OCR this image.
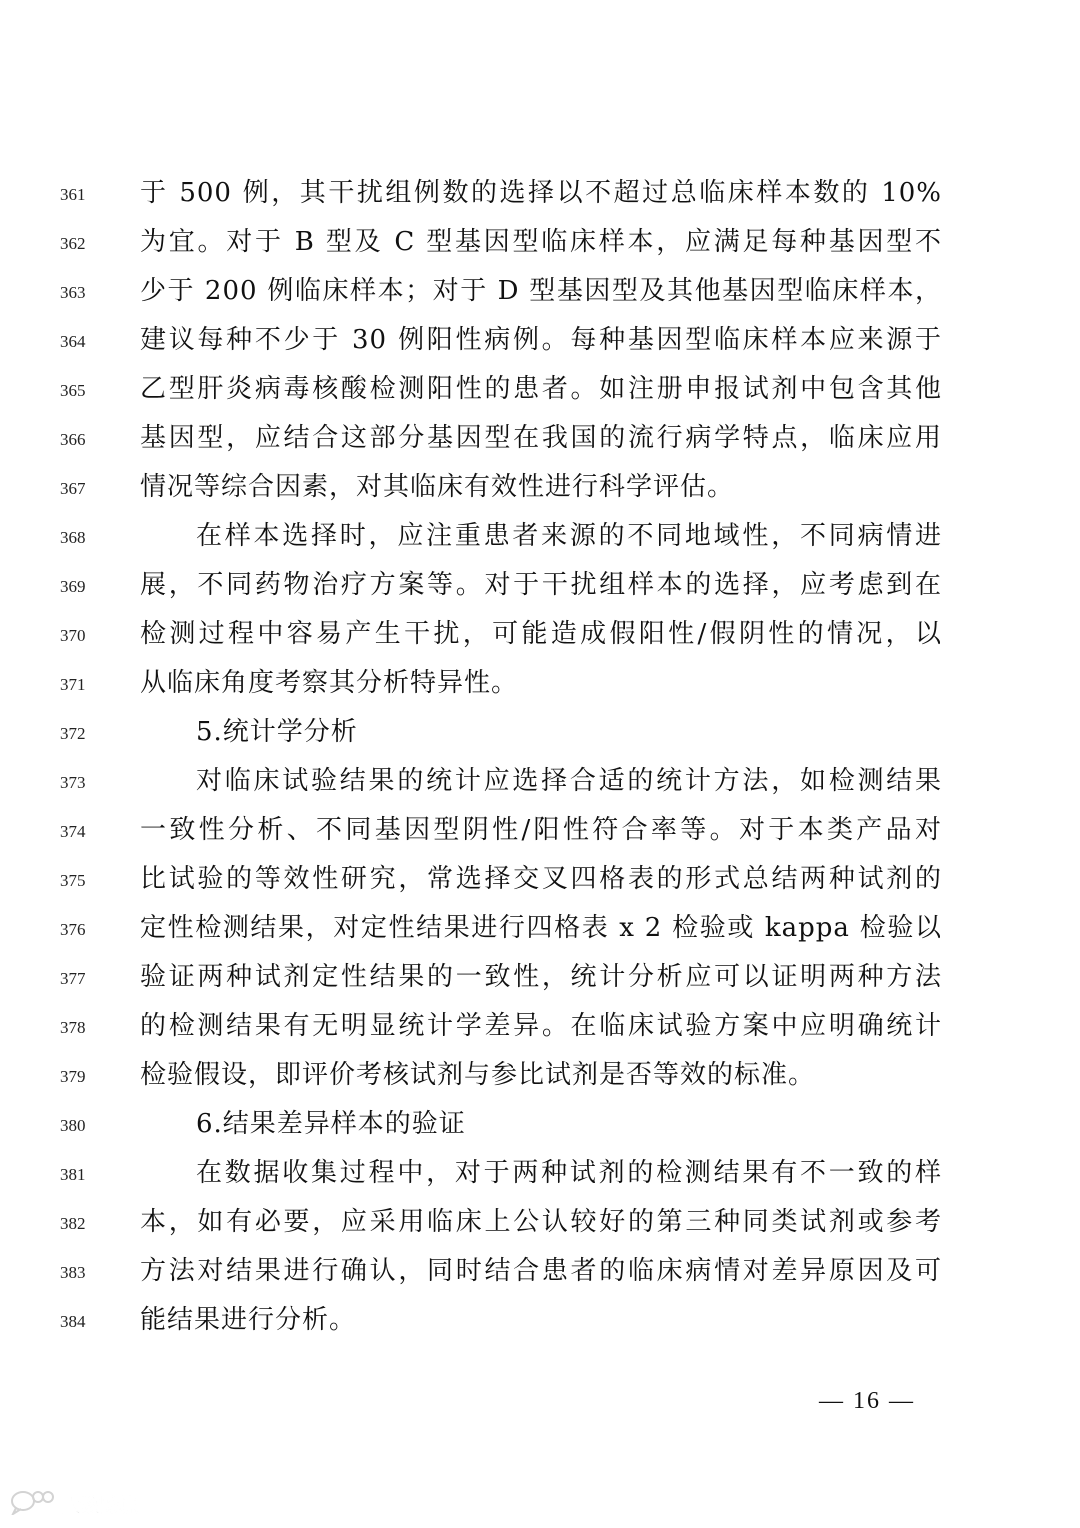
361	于 500 例，其干扰组例数的选择以不超过总临床样本数的 10%
362	为宜。对于 B 型及 C 型基因型临床样本，应满足每种基因型不
363	少于 200 例临床样本；对于 D 型基因型及其他基因型临床样本，
364	建议每种不少于 30 例阳性病例。每种基因型临床样本应来源于
365	乙型肝炎病毒核酸检测阳性的患者。如注册申报试剂中包含其他
366	基因型，应结合这部分基因型在我国的流行病学特点，临床应用
367	情况等综合因素，对其临床有效性进行科学评估。
368	在样本选择时，应注重患者来源的不同地域性，不同病情进
369	展，不同药物治疗方案等。对于干扰组样本的选择，应考虑到在
370	检测过程中容易产生干扰，可能造成假阳性/假阴性的情况，以
371	从临床角度考察其分析特异性。
372	5.统计学分析
373	对临床试验结果的统计应选择合适的统计方法，如检测结果
374	一致性分析、不同基因型阴性/阳性符合率等。对于本类产品对
375	比试验的等效性研究，常选择交叉四格表的形式总结两种试剂的
376	定性检测结果，对定性结果进行四格表 x 2 检验或 kappa 检验以
377	验证两种试剂定性结果的一致性，统计分析应可以证明两种方法
378	的检测结果有无明显统计学差异。在临床试验方案中应明确统计
379	检验假设，即评价考核试剂与参比试剂是否等效的标准。
380	6.结果差异样本的验证
381	在数据收集过程中，对于两种试剂的检测结果有不一致的样
382	本，如有必要，应采用临床上公认较好的第三种同类试剂或参考
383	方法对结果进行确认，同时结合患者的临床病情对差异原因及可
384	能结果进行分析。
— 16 —
大数跨境
